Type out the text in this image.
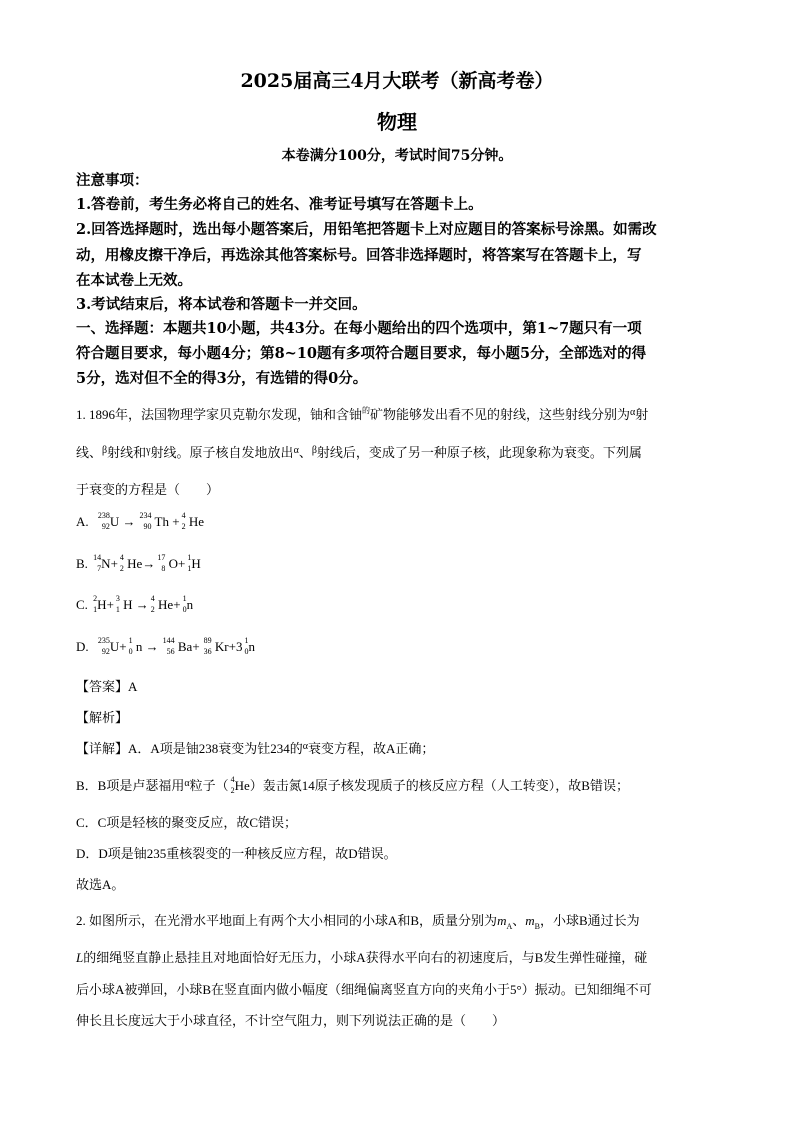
2025届高三4月大联考（新高考卷）
物理
本卷满分100分，考试时间75分钟。
注意事项：
1.答卷前，考生务必将自己的姓名、准考证号填写在答题卡上。
2.回答选择题时，选出每小题答案后，用铅笔把答题卡上对应题目的答案标号涂黑。如需改
动，用橡皮擦干净后，再选涂其他答案标号。回答非选择题时，将答案写在答题卡上，写
在本试卷上无效。
3.考试结束后，将本试卷和答题卡一并交回。
一、选择题：本题共10小题，共43分。在每小题给出的四个选项中，第1~7题只有一项
符合题目要求，每小题4分；第8~10题有多项符合题目要求，每小题5分，全部选对的得
5分，选对但不全的得3分，有选错的得0分。
1. 1896年，法国物理学家贝克勒尔发现，铀和含铀$^的$矿物能够发出看不见的射线，这些射线分别为$^\alpha$射
线、$^\beta$射线和$^\gamma$射线。原子核自发地放出$^\alpha$、$^\beta$射线后，变成了另一种原子核，此现象称为衰变。下列属
于衰变的方程是（　　）
A. 238
92 U → 234
90 Th + 4
2 He
B. 14
7 N+ 4
2 He→ 17
8 O+ 1
1 H
C. 2
1 H+ 3
1 H → 4
2 He+ 1
0 n
D. 235
92 U+ 1
0 n → 144
56 Ba+ 89
36 Kr+3 1
0 n
【答案】A
【解析】
【详解】A．A项是铀238衰变为钍234的$^\alpha$衰变方程，故A正确；
B．B项是卢瑟福用$^\alpha$粒子（ 4
2 He）轰击氮14原子核发现质子的核反应方程（人工转变），故B错误；
C．C项是轻核的聚变反应，故C错误；
D．D项是铀235重核裂变的一种核反应方程，故D错误。
故选A。
2. 如图所示，在光滑水平地面上有两个大小相同的小球A和B，质量分别为$m_A$、$m_B$，小球B通过长为
L的细绳竖直静止悬挂且对地面恰好无压力，小球A获得水平向右的初速度后，与B发生弹性碰撞，碰
后小球A被弹回，小球B在竖直面内做小幅度（细绳偏离竖直方向的夹角小于5°）振动。已知细绳不可
伸长且长度远大于小球直径，不计空气阻力，则下列说法正确的是（　　）
